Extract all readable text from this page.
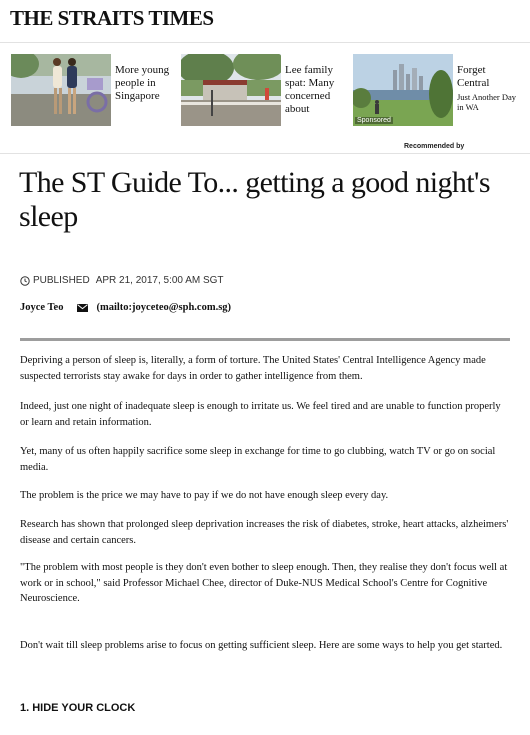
THE STRAITS TIMES
More young people in Singapore
Lee family spat: Many concerned about
Sponsored
Forget Central
Just Another Day in WA
Recommended by
The ST Guide To... getting a good night's sleep
PUBLISHED APR 21, 2017, 5:00 AM SGT
Joyce Teo	(mailto:joyceteo@sph.com.sg)

Depriving a person of sleep is, literally, a form of torture. The United States' Central Intelligence Agency made suspected terrorists stay awake for days in order to gather intelligence from them.

Indeed, just one night of inadequate sleep is enough to irritate us. We feel tired and are unable to function properly or learn and retain information.

Yet, many of us often happily sacrifice some sleep in exchange for time to go clubbing, watch TV or go on social media.

The problem is the price we may have to pay if we do not have enough sleep every day.

Research has shown that prolonged sleep deprivation increases the risk of diabetes, stroke, heart attacks, alzheimers' disease and certain cancers.

"The problem with most people is they don't even bother to sleep enough. Then, they realise they don't focus well at work or in school," said Professor Michael Chee, director of Duke-NUS Medical School's Centre for Cognitive Neuroscience.

Don't wait till sleep problems arise to focus on getting sufficient sleep. Here are some ways to help you get started.

1. HIDE YOUR CLOCK
